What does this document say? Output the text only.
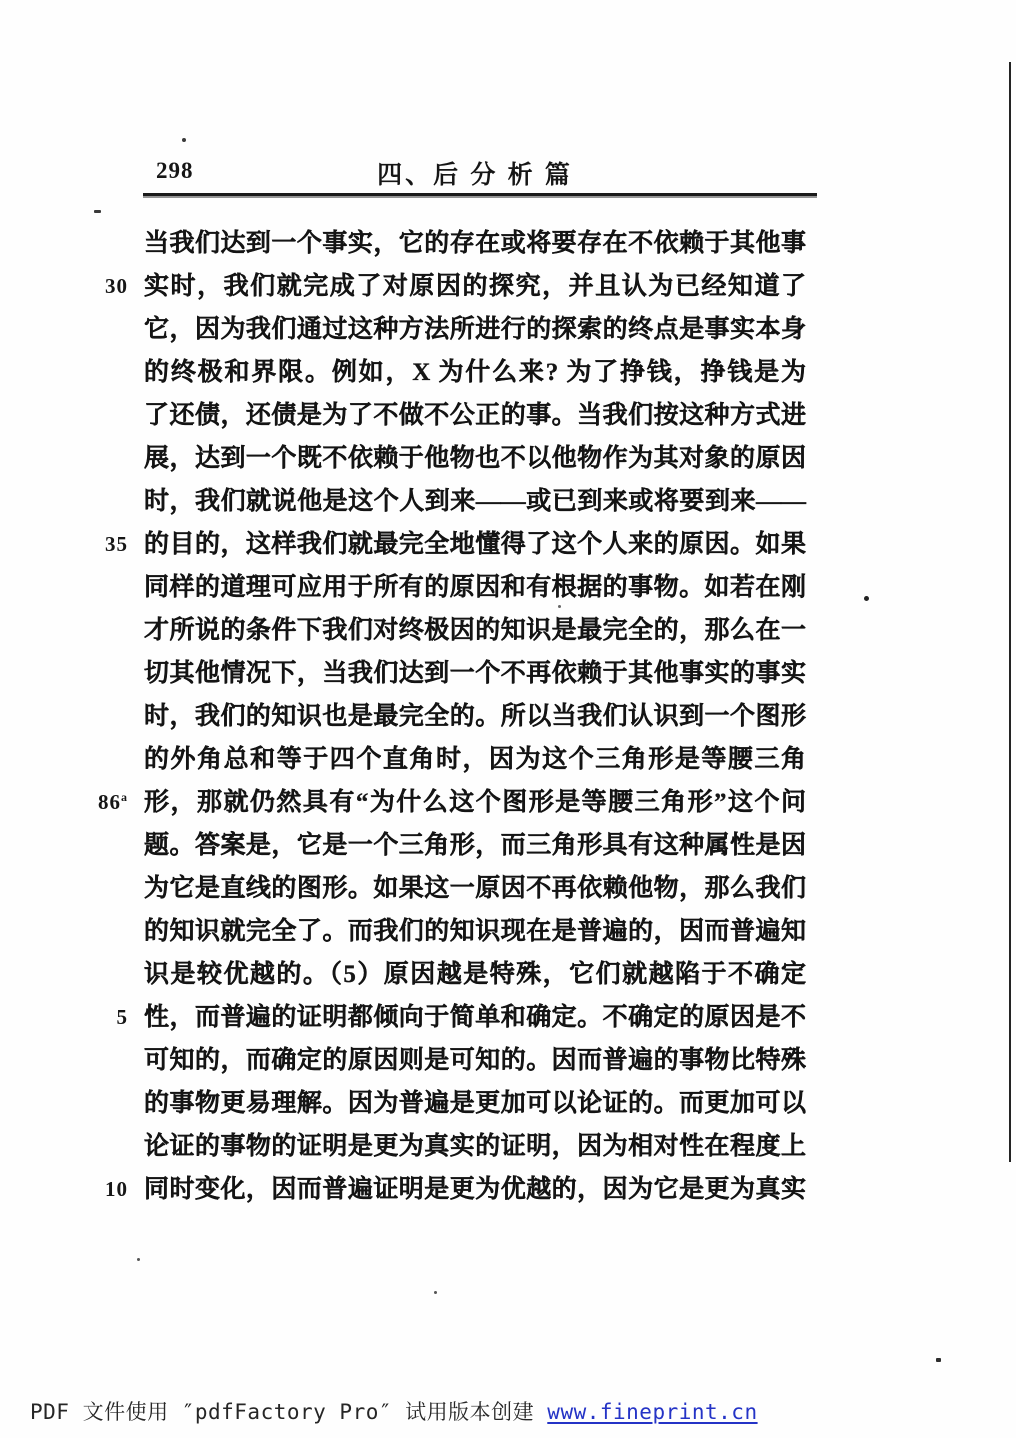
298	四、后 分 析 篇
当我们达到一个事实，它的存在或将要存在不依赖于其他事
实时，我们就完成了对原因的探究，并且认为已经知道了
它，因为我们通过这种方法所进行的探索的终点是事实本身
的终极和界限。例如，X 为什么来? 为了挣钱，挣钱是为
了还债，还债是为了不做不公正的事。当我们按这种方式进
展，达到一个既不依赖于他物也不以他物作为其对象的原因
时，我们就说他是这个人到来——或已到来或将要到来——
的目的，这样我们就最完全地懂得了这个人来的原因。如果
同样的道理可应用于所有的原因和有根据的事物。如若在刚
才所说的条件下我们对终极因的知识是最完全的，那么在一
切其他情况下，当我们达到一个不再依赖于其他事实的事实
时，我们的知识也是最完全的。所以当我们认识到一个图形
的外角总和等于四个直角时，因为这个三角形是等腰三角
形，那就仍然具有“为什么这个图形是等腰三角形”这个问
题。答案是，它是一个三角形，而三角形具有这种属性是因
为它是直线的图形。如果这一原因不再依赖他物，那么我们
的知识就完全了。而我们的知识现在是普遍的，因而普遍知
识是较优越的。（5）原因越是特殊，它们就越陷于不确定
性，而普遍的证明都倾向于简单和确定。不确定的原因是不
可知的，而确定的原因则是可知的。因而普遍的事物比特殊
的事物更易理解。因为普遍是更加可以论证的。而更加可以
论证的事物的证明是更为真实的证明，因为相对性在程度上
同时变化，因而普遍证明是更为优越的，因为它是更为真实
30
35
86$^a$
5
10
PDF 文件使用 ″pdfFactory Pro″ 试用版本创建 www.fineprint.cn
